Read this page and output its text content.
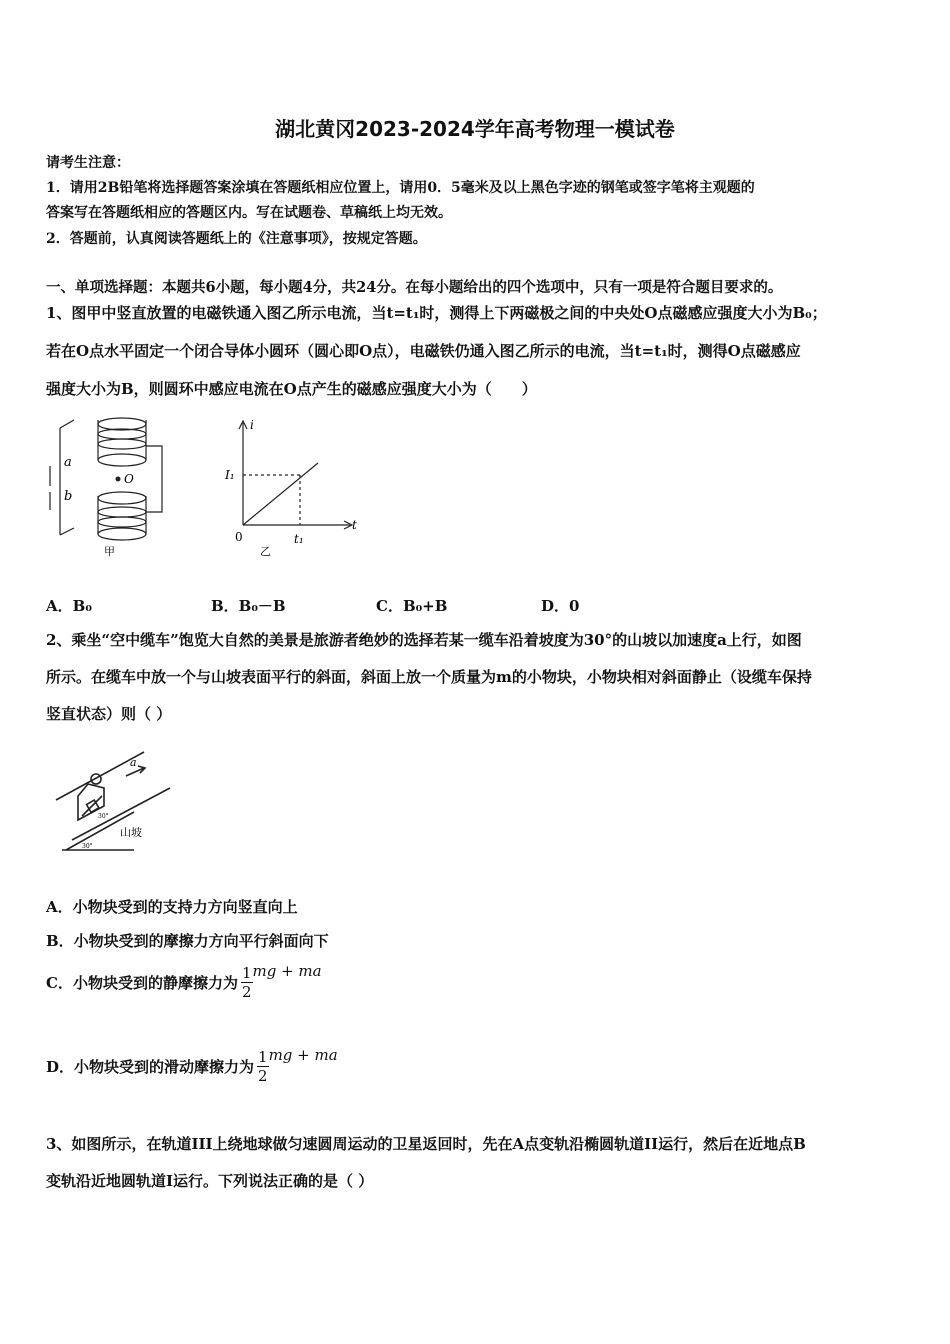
湖北黄冈2023-2024学年高考物理一模试卷
请考生注意：
1．请用2B铅笔将选择题答案涂填在答题纸相应位置上，请用0．5毫米及以上黑色字迹的钢笔或签字笔将主观题的
答案写在答题纸相应的答题区内。写在试题卷、草稿纸上均无效。
2．答题前，认真阅读答题纸上的《注意事项》，按规定答题。
一、单项选择题：本题共6小题，每小题4分，共24分。在每小题给出的四个选项中，只有一项是符合题目要求的。
1、图甲中竖直放置的电磁铁通入图乙所示电流，当t=t₁时，测得上下两磁极之间的中央处O点磁感应强度大小为B₀；
若在O点水平固定一个闭合导体小圆环（圆心即O点），电磁铁仍通入图乙所示的电流，当t=t₁时，测得O点磁感应
强度大小为B，则圆环中感应电流在O点产生的磁感应强度大小为（　　）
a
b
O
甲
i
t
I₁
t₁
0
乙
A．B₀	B．B₀－B	C．B₀+B	D．0
2、乘坐“空中缆车”饱览大自然的美景是旅游者绝妙的选择若某一缆车沿着坡度为30°的山坡以加速度a上行，如图
所示。在缆车中放一个与山坡表面平行的斜面，斜面上放一个质量为m的小物块，小物块相对斜面静止（设缆车保持
竖直状态）则（ ）
a
山坡
30°
30°
A．小物块受到的支持力方向竖直向上
B．小物块受到的摩擦力方向平行斜面向下
C．小物块受到的静摩擦力为 $\frac{1}{2}$ mg + ma
D．小物块受到的滑动摩擦力为 $\frac{1}{2}$ mg + ma
3、如图所示，在轨道III上绕地球做匀速圆周运动的卫星返回时，先在A点变轨沿椭圆轨道II运行，然后在近地点B
变轨沿近地圆轨道I运行。下列说法正确的是（ ）
